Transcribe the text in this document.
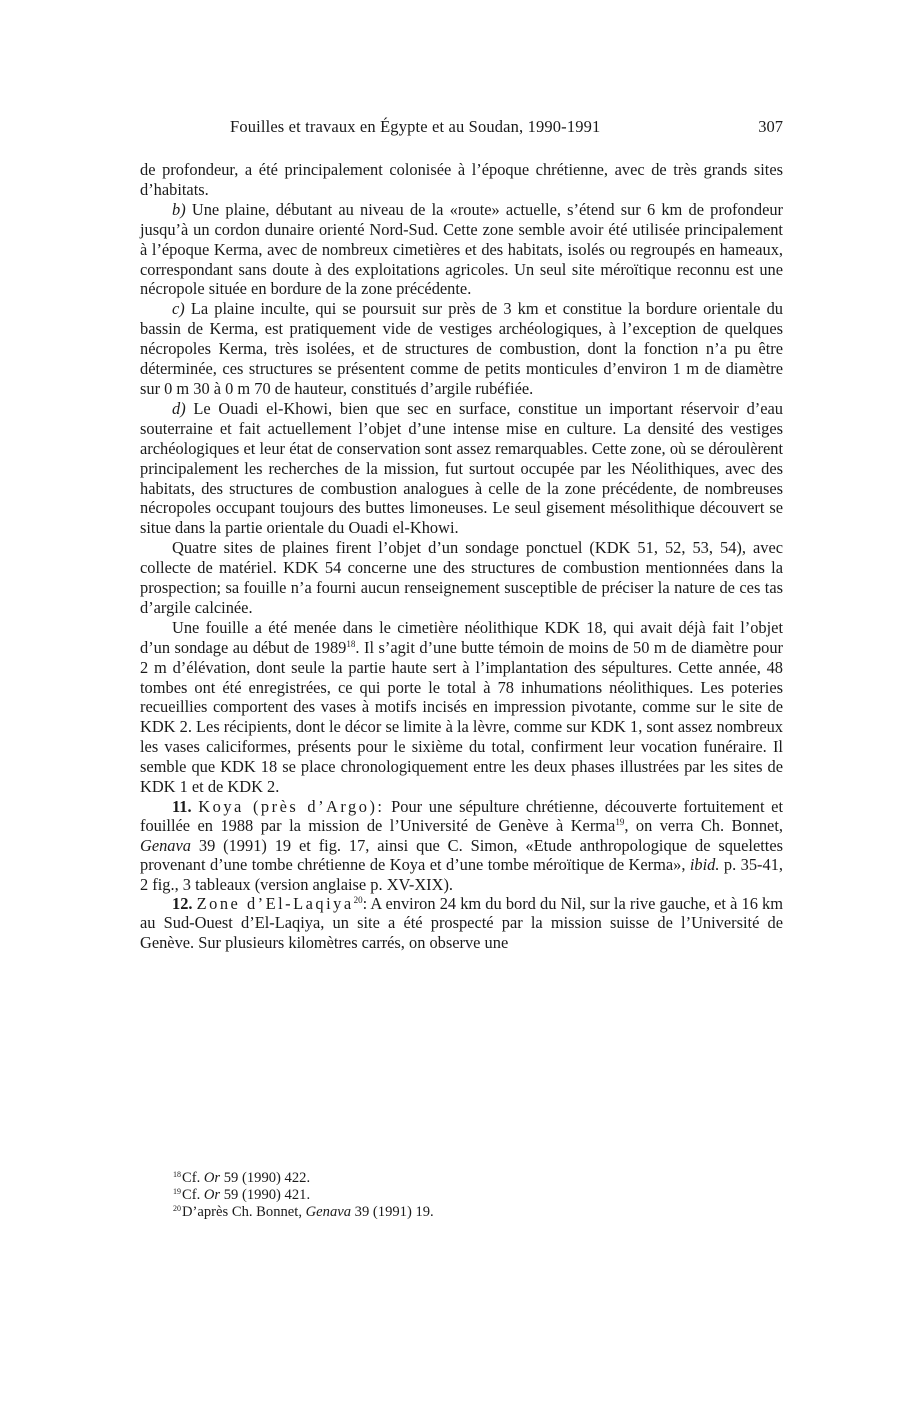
Fouilles et travaux en Égypte et au Soudan, 1990-1991	307

de profondeur, a été principalement colonisée à l’époque chrétienne, avec de très grands sites d’habitats.

b) Une plaine, débutant au niveau de la «route» actuelle, s’étend sur 6 km de profondeur jusqu’à un cordon dunaire orienté Nord-Sud. Cette zone semble avoir été utilisée principalement à l’époque Kerma, avec de nombreux cimetières et des habitats, isolés ou regroupés en hameaux, correspondant sans doute à des exploitations agricoles. Un seul site méroïtique reconnu est une nécropole située en bordure de la zone précédente.

c) La plaine inculte, qui se poursuit sur près de 3 km et constitue la bordure orientale du bassin de Kerma, est pratiquement vide de vestiges archéologiques, à l’exception de quelques nécropoles Kerma, très isolées, et de structures de combustion, dont la fonction n’a pu être déterminée, ces structures se présentent comme de petits monticules d’environ 1 m de diamètre sur 0 m 30 à 0 m 70 de hauteur, constitués d’argile rubéfiée.

d) Le Ouadi el-Khowi, bien que sec en surface, constitue un important réservoir d’eau souterraine et fait actuellement l’objet d’une intense mise en culture. La densité des vestiges archéologiques et leur état de conservation sont assez remarquables. Cette zone, où se déroulèrent principalement les recherches de la mission, fut surtout occupée par les Néolithiques, avec des habitats, des structures de combustion analogues à celle de la zone précédente, de nombreuses nécropoles occupant toujours des buttes limoneuses. Le seul gisement mésolithique découvert se situe dans la partie orientale du Ouadi el-Khowi.

Quatre sites de plaines firent l’objet d’un sondage ponctuel (KDK 51, 52, 53, 54), avec collecte de matériel. KDK 54 concerne une des structures de combustion mentionnées dans la prospection; sa fouille n’a fourni aucun renseignement susceptible de préciser la nature de ces tas d’argile calcinée.

Une fouille a été menée dans le cimetière néolithique KDK 18, qui avait déjà fait l’objet d’un sondage au début de 1989$^{18}$. Il s’agit d’une butte témoin de moins de 50 m de diamètre pour 2 m d’élévation, dont seule la partie haute sert à l’implantation des sépultures. Cette année, 48 tombes ont été enregistrées, ce qui porte le total à 78 inhumations néolithiques. Les poteries recueillies comportent des vases à motifs incisés en impression pivotante, comme sur le site de KDK 2. Les récipients, dont le décor se limite à la lèvre, comme sur KDK 1, sont assez nombreux les vases caliciformes, présents pour le sixième du total, confirment leur vocation funéraire. Il semble que KDK 18 se place chronologiquement entre les deux phases illustrées par les sites de KDK 1 et de KDK 2.

11. Koya (près d’Argo): Pour une sépulture chrétienne, découverte fortuitement et fouillée en 1988 par la mission de l’Université de Genève à Kerma$^{19}$, on verra Ch. Bonnet, Genava 39 (1991) 19 et fig. 17, ainsi que C. Simon, «Etude anthropologique de squelettes provenant d’une tombe chrétienne de Koya et d’une tombe méroïtique de Kerma», ibid. p. 35-41, 2 fig., 3 tableaux (version anglaise p. XV-XIX).

12. Zone d’El-Laqiya$^{20}$: A environ 24 km du bord du Nil, sur la rive gauche, et à 16 km au Sud-Ouest d’El-Laqiya, un site a été prospecté par la mission suisse de l’Université de Genève. Sur plusieurs kilomètres carrés, on observe une

$^{18}$Cf. Or 59 (1990) 422.

$^{19}$Cf. Or 59 (1990) 421.

$^{20}$D’après Ch. Bonnet, Genava 39 (1991) 19.
